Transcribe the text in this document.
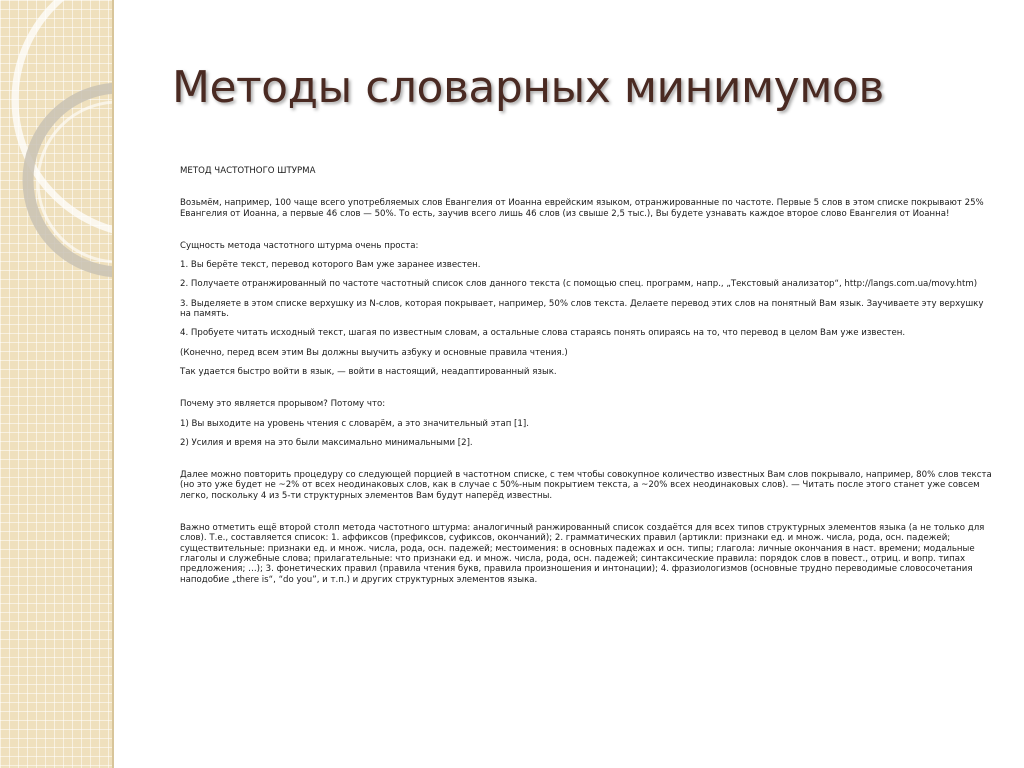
Методы словарных минимумов

МЕТОД ЧАСТОТНОГО ШТУРМА

Возьмём, например, 100 чаще всего употребляемых слов Евангелия от Иоанна еврейским языком, отранжированные по частоте. Первые 5 слов в этом списке покрывают 25% Евангелия от Иоанна, а первые 46 слов — 50%. То есть, заучив всего лишь 46 слов (из свыше 2,5 тыс.), Вы будете узнавать каждое второе слово Евангелия от Иоанна!

Сущность метода частотного штурма очень проста:

1. Вы берёте текст, перевод которого Вам уже заранее известен.

2. Получаете отранжированный по частоте частотный список слов данного текста (с помощью спец. программ, напр., „Текстовый анализатор“, http://langs.com.ua/movy.htm)

3. Выделяете в этом списке верхушку из N-слов, которая покрывает, например, 50% слов текста. Делаете перевод этих слов на понятный Вам язык. Заучиваете эту верхушку на память.

4. Пробуете читать исходный текст, шагая по известным словам, а остальные слова стараясь понять опираясь на то, что перевод в целом Вам уже известен.

(Конечно, перед всем этим Вы должны выучить азбуку и основные правила чтения.)

Так удается быстро войти в язык, — войти в настоящий, неадаптированный язык.

Почему это является прорывом? Потому что:

1) Вы выходите на уровень чтения с словарём, а это значительный этап [1].

2) Усилия и время на это были максимально минимальными [2].

Далее можно повторить процедуру со следующей порцией в частотном списке, с тем чтобы совокупное количество известных Вам слов покрывало, например, 80% слов текста (но это уже будет не ~2% от всех неодинаковых слов, как в случае с 50%-ным покрытием текста, а ~20% всех неодинаковых слов). — Читать после этого станет уже совсем легко, поскольку 4 из 5-ти структурных элементов Вам будут наперёд известны.

Важно отметить ещё второй столп метода частотного штурма: аналогичный ранжированный список создаётся для всех типов структурных элементов языка (а не только для слов). Т.е., составляется список: 1. аффиксов (префиксов, суфиксов, окончаний); 2. грамматических правил (артикли: признаки ед. и множ. числа, рода, осн. падежей; существительные: признаки ед. и множ. числа, рода, осн. падежей; местоимения: в основных падежах и осн. типы; глагола: личные окончания в наст. времени; модальные глаголы и служебные слова; прилагательные: что признаки ед. и множ. числа, рода, осн. падежей; синтаксические правила: порядок слов в повест., отриц. и вопр. типах предложения; …); 3. фонетических правил (правила чтения букв, правила произношения и интонации); 4. фразиологизмов (основные трудно переводимые словосочетания наподобие „there is“, “do you”, и т.п.) и других структурных элементов языка.
